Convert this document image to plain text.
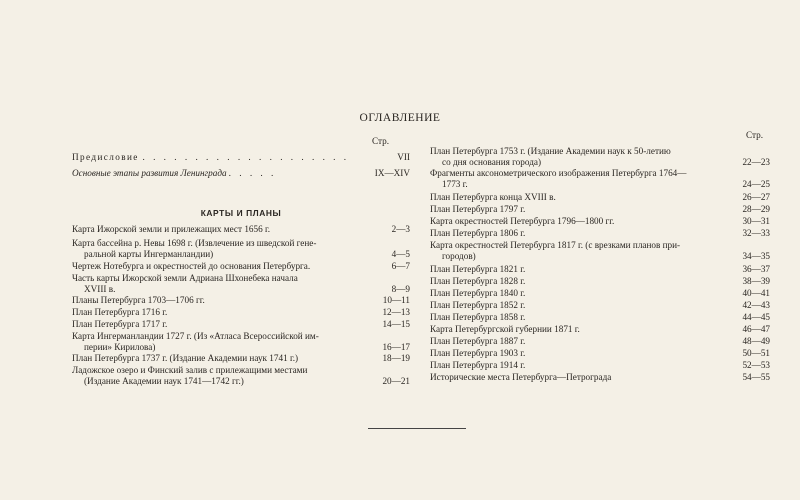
ОГЛАВЛЕНИЕ
Стр.
Предисловие . . . . . . . . . . . . . . . . . . . .	VII
Основные этапы развития Ленинграда . . . . .	IX—XIV
КАРТЫ И ПЛАНЫ
Карта Ижорской земли и прилежащих мест 1656 г.	2—3
Карта бассейна р. Невы 1698 г. (Извлечение из шведской гене-
ральной карты Ингерманландии)	4—5
Чертеж Нотебурга и окрестностей до основания Петербурга.	6—7
Часть карты Ижорской земли Адриана Шхонебека начала
XVIII в.	8—9
Планы Петербурга 1703—1706 гг.	10—11
План Петербурга 1716 г.	12—13
План Петербурга 1717 г.	14—15
Карта Ингерманландии 1727 г. (Из «Атласа Всероссийской им-
перии» Кирилова)	16—17
План Петербурга 1737 г. (Издание Академии наук 1741 г.)	18—19
Ладожское озеро и Финский залив с прилежащими местами
(Издание Академии наук 1741—1742 гг.)	20—21
Стр.
План Петербурга 1753 г. (Издание Академии наук к 50-летию
со дня основания города)	22—23
Фрагменты аксонометрического изображения Петербурга 1764—
1773 г.	24—25
План Петербурга конца XVIII в.	26—27
План Петербурга 1797 г.	28—29
Карта окрестностей Петербурга 1796—1800 гг.	30—31
План Петербурга 1806 г.	32—33
Карта окрестностей Петербурга 1817 г. (с врезками планов при-
городов)	34—35
План Петербурга 1821 г.	36—37
План Петербурга 1828 г.	38—39
План Петербурга 1840 г.	40—41
План Петербурга 1852 г.	42—43
План Петербурга 1858 г.	44—45
Карта Петербургской губернии 1871 г.	46—47
План Петербурга 1887 г.	48—49
План Петербурга 1903 г.	50—51
План Петербурга 1914 г.	52—53
Исторические места Петербурга—Петрограда	54—55
